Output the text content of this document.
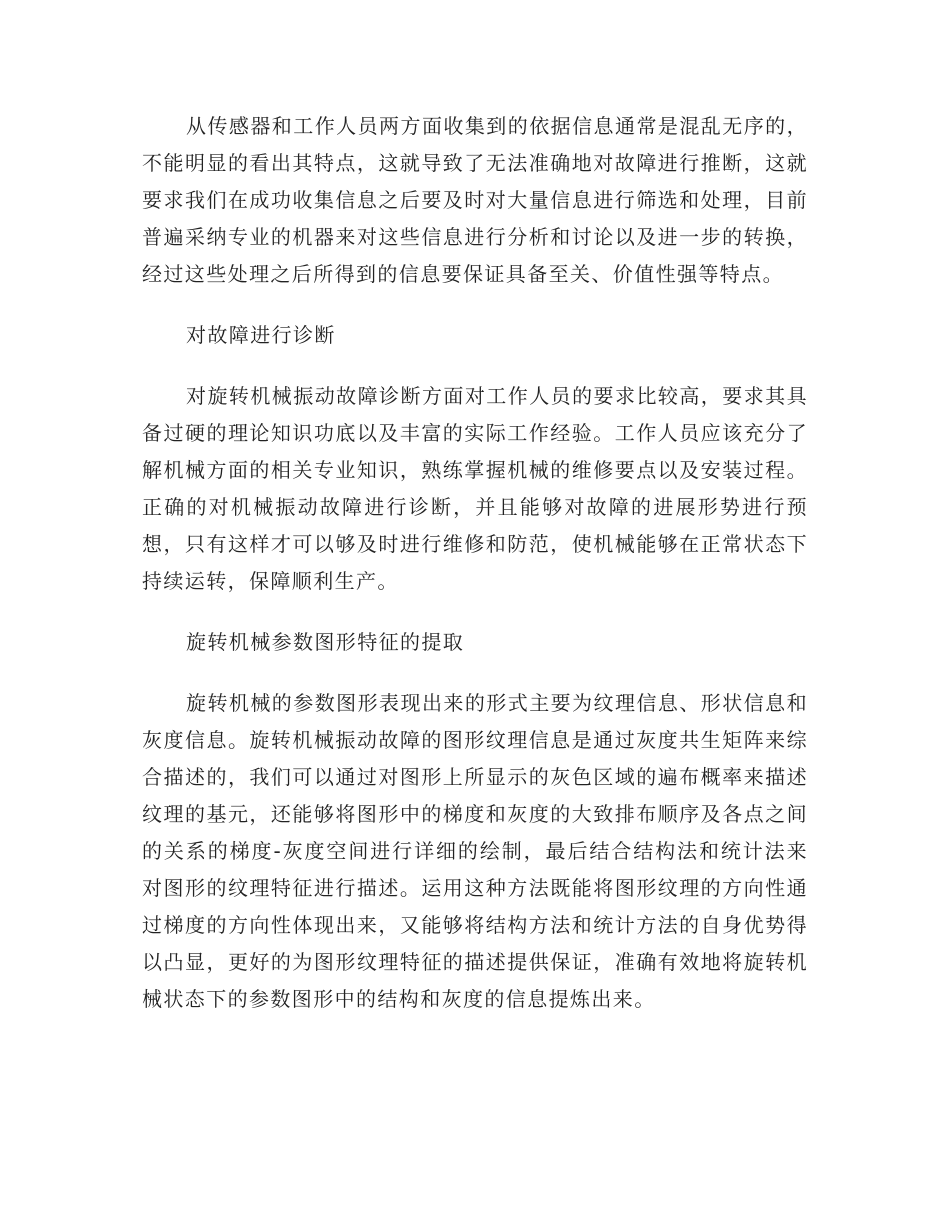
从传感器和工作人员两方面收集到的依据信息通常是混乱无序的，不能明显的看出其特点，这就导致了无法准确地对故障进行推断，这就要求我们在成功收集信息之后要及时对大量信息进行筛选和处理，目前普遍采纳专业的机器来对这些信息进行分析和讨论以及进一步的转换，经过这些处理之后所得到的信息要保证具备至关、价值性强等特点。

对故障进行诊断

对旋转机械振动故障诊断方面对工作人员的要求比较高，要求其具备过硬的理论知识功底以及丰富的实际工作经验。工作人员应该充分了解机械方面的相关专业知识，熟练掌握机械的维修要点以及安装过程。正确的对机械振动故障进行诊断，并且能够对故障的进展形势进行预想，只有这样才可以够及时进行维修和防范，使机械能够在正常状态下持续运转，保障顺利生产。

旋转机械参数图形特征的提取

旋转机械的参数图形表现出来的形式主要为纹理信息、形状信息和灰度信息。旋转机械振动故障的图形纹理信息是通过灰度共生矩阵来综合描述的，我们可以通过对图形上所显示的灰色区域的遍布概率来描述纹理的基元，还能够将图形中的梯度和灰度的大致排布顺序及各点之间的关系的梯度-灰度空间进行详细的绘制，最后结合结构法和统计法来对图形的纹理特征进行描述。运用这种方法既能将图形纹理的方向性通过梯度的方向性体现出来，又能够将结构方法和统计方法的自身优势得以凸显，更好的为图形纹理特征的描述提供保证，准确有效地将旋转机械状态下的参数图形中的结构和灰度的信息提炼出来。
